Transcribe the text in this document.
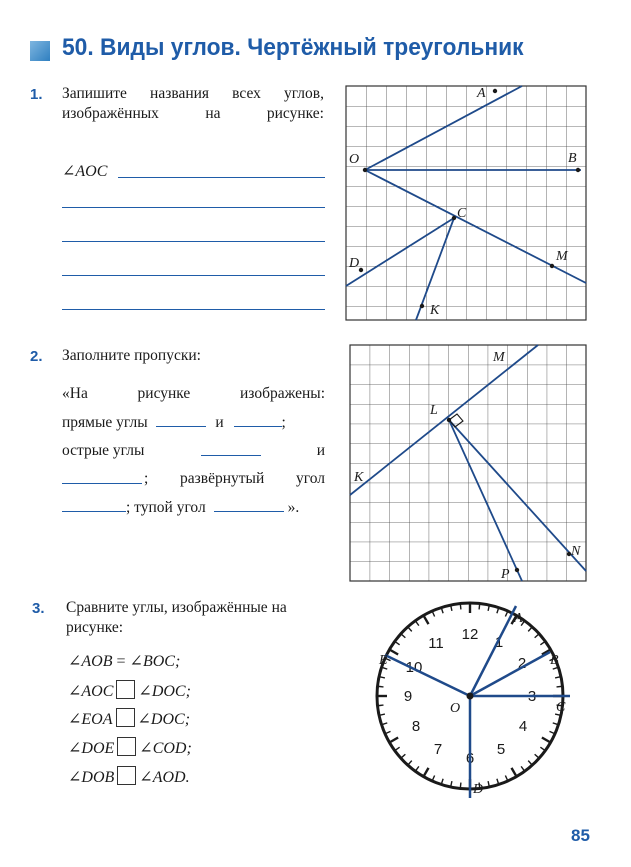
50. Виды углов. Чертёжный треугольник
1. Запишите названия всех углов, изображённых на рисунке:
∠AOC
A
O	B
C
D	M
K
2. Заполните пропуски:
«На рисунке изображены:
прямые углы	и	;
острые углы	и
; развёрнутый угол
; тупой угол	».
M
L
K
P
N
3. Сравните углы, изображённые на рисунке:
∠AOB = ∠BOC;
∠AOC ∠DOC;
∠EOA ∠DOC;
∠DOE ∠COD;
∠DOB ∠AOD.
12 1
2
3
4
5
6
7
8
9
10
11
A
B
C
D
E
O
85
